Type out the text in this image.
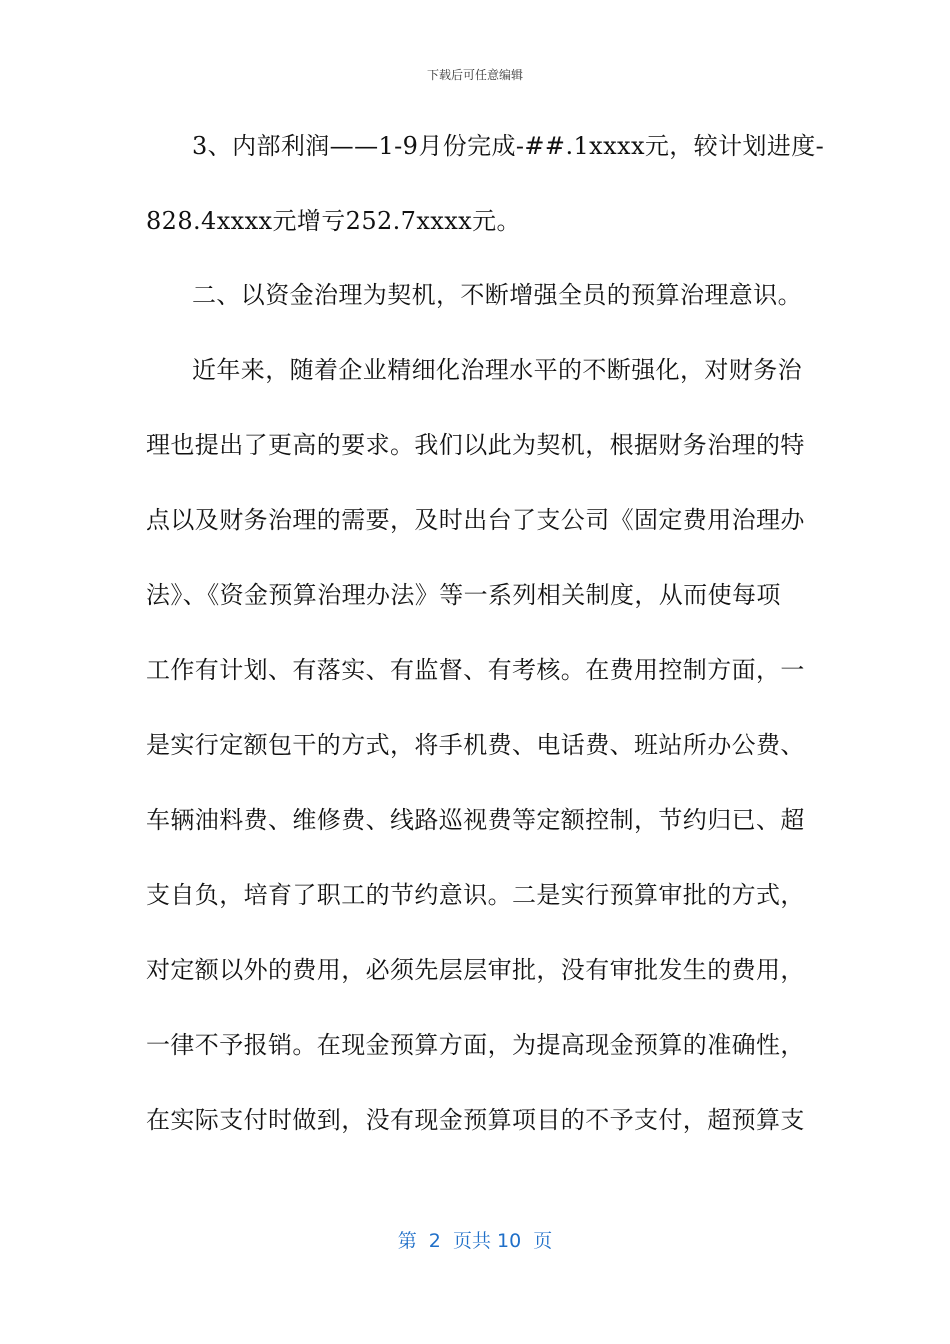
下载后可任意编辑
3、内部利润——1-9月份完成-##.1xxxx元，较计划进度-
828.4xxxx元增亏252.7xxxx元。
二、以资金治理为契机，不断增强全员的预算治理意识。
近年来，随着企业精细化治理水平的不断强化，对财务治
理也提出了更高的要求。我们以此为契机，根据财务治理的特
点以及财务治理的需要，及时出台了支公司《固定费用治理办
法》、《资金预算治理办法》等一系列相关制度，从而使每项
工作有计划、有落实、有监督、有考核。在费用控制方面，一
是实行定额包干的方式，将手机费、电话费、班站所办公费、
车辆油料费、维修费、线路巡视费等定额控制，节约归已、超
支自负，培育了职工的节约意识。二是实行预算审批的方式，
对定额以外的费用，必须先层层审批，没有审批发生的费用，
一律不予报销。在现金预算方面，为提高现金预算的准确性，
在实际支付时做到，没有现金预算项目的不予支付，超预算支
第  2  页共 10  页
